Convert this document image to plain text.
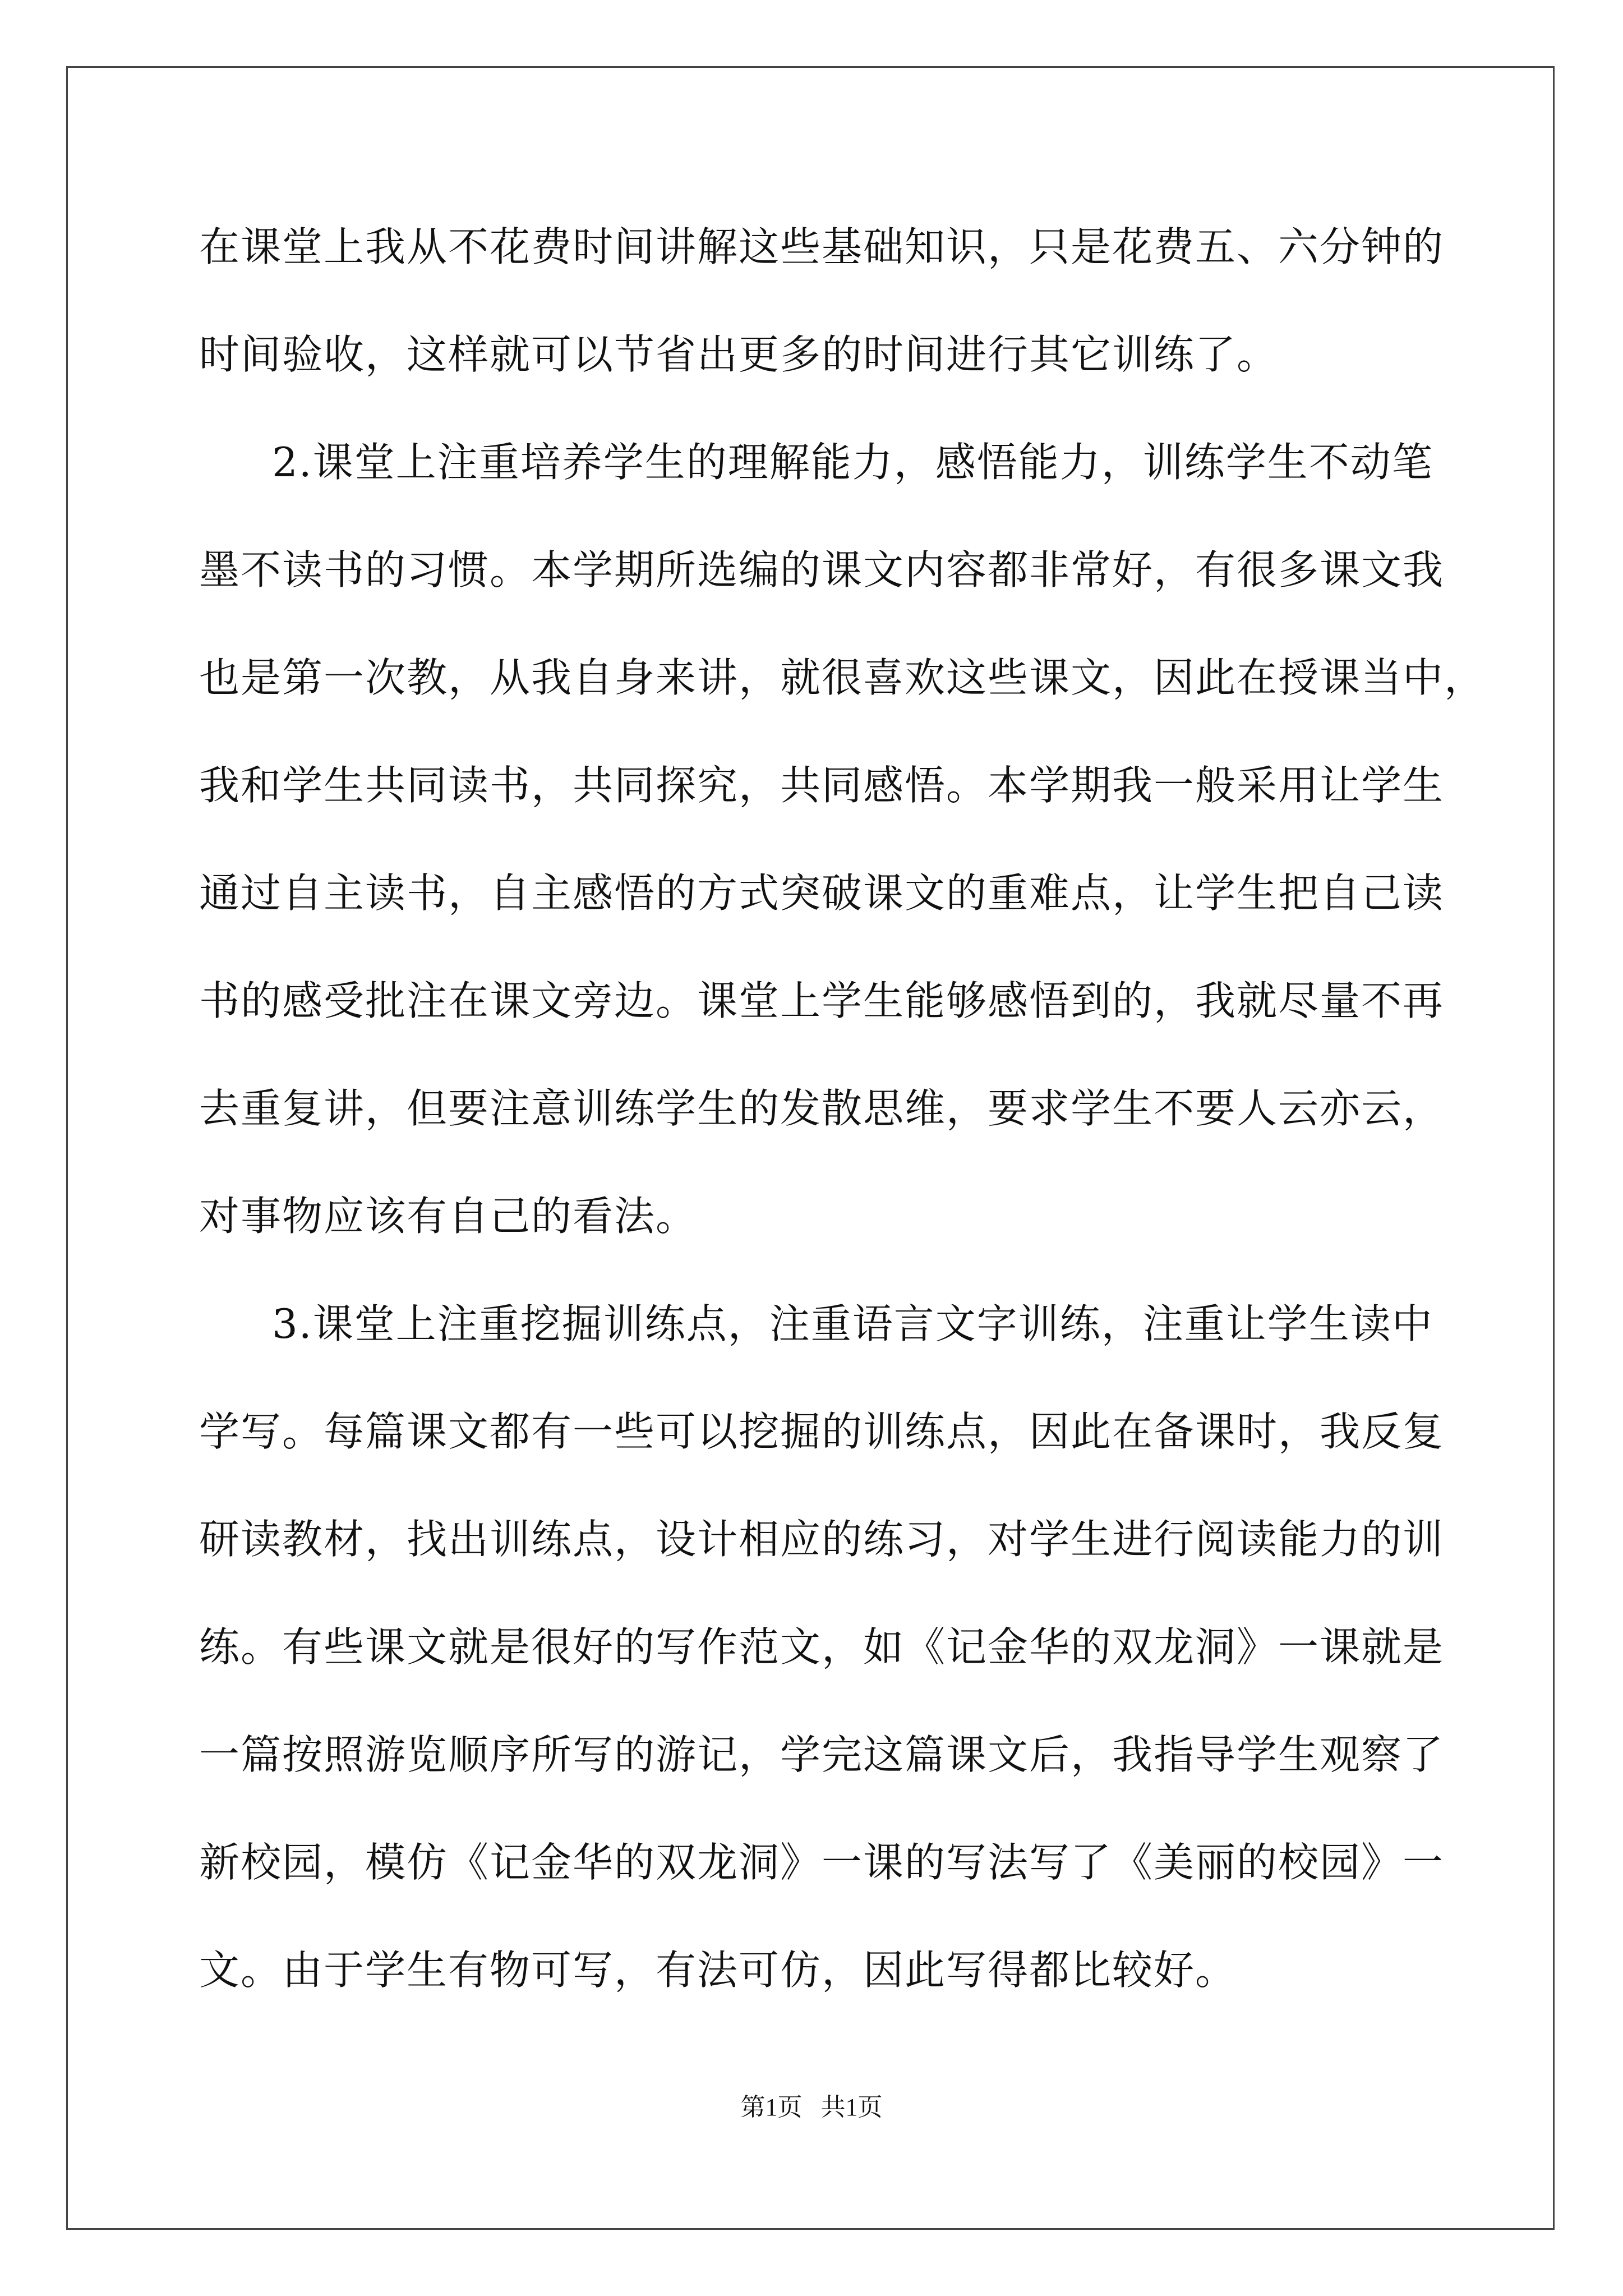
在课堂上我从不花费时间讲解这些基础知识，只是花费五、六分钟的
时间验收，这样就可以节省出更多的时间进行其它训练了。
2.课堂上注重培养学生的理解能力，感悟能力，训练学生不动笔
墨不读书的习惯。本学期所选编的课文内容都非常好，有很多课文我
也是第一次教，从我自身来讲，就很喜欢这些课文，因此在授课当中，
我和学生共同读书，共同探究，共同感悟。本学期我一般采用让学生
通过自主读书，自主感悟的方式突破课文的重难点，让学生把自己读
书的感受批注在课文旁边。课堂上学生能够感悟到的，我就尽量不再
去重复讲，但要注意训练学生的发散思维，要求学生不要人云亦云，
对事物应该有自己的看法。
3.课堂上注重挖掘训练点，注重语言文字训练，注重让学生读中
学写。每篇课文都有一些可以挖掘的训练点，因此在备课时，我反复
研读教材，找出训练点，设计相应的练习，对学生进行阅读能力的训
练。有些课文就是很好的写作范文，如《记金华的双龙洞》一课就是
一篇按照游览顺序所写的游记，学完这篇课文后，我指导学生观察了
新校园，模仿《记金华的双龙洞》一课的写法写了《美丽的校园》一
文。由于学生有物可写，有法可仿，因此写得都比较好。
第1页   共1页
